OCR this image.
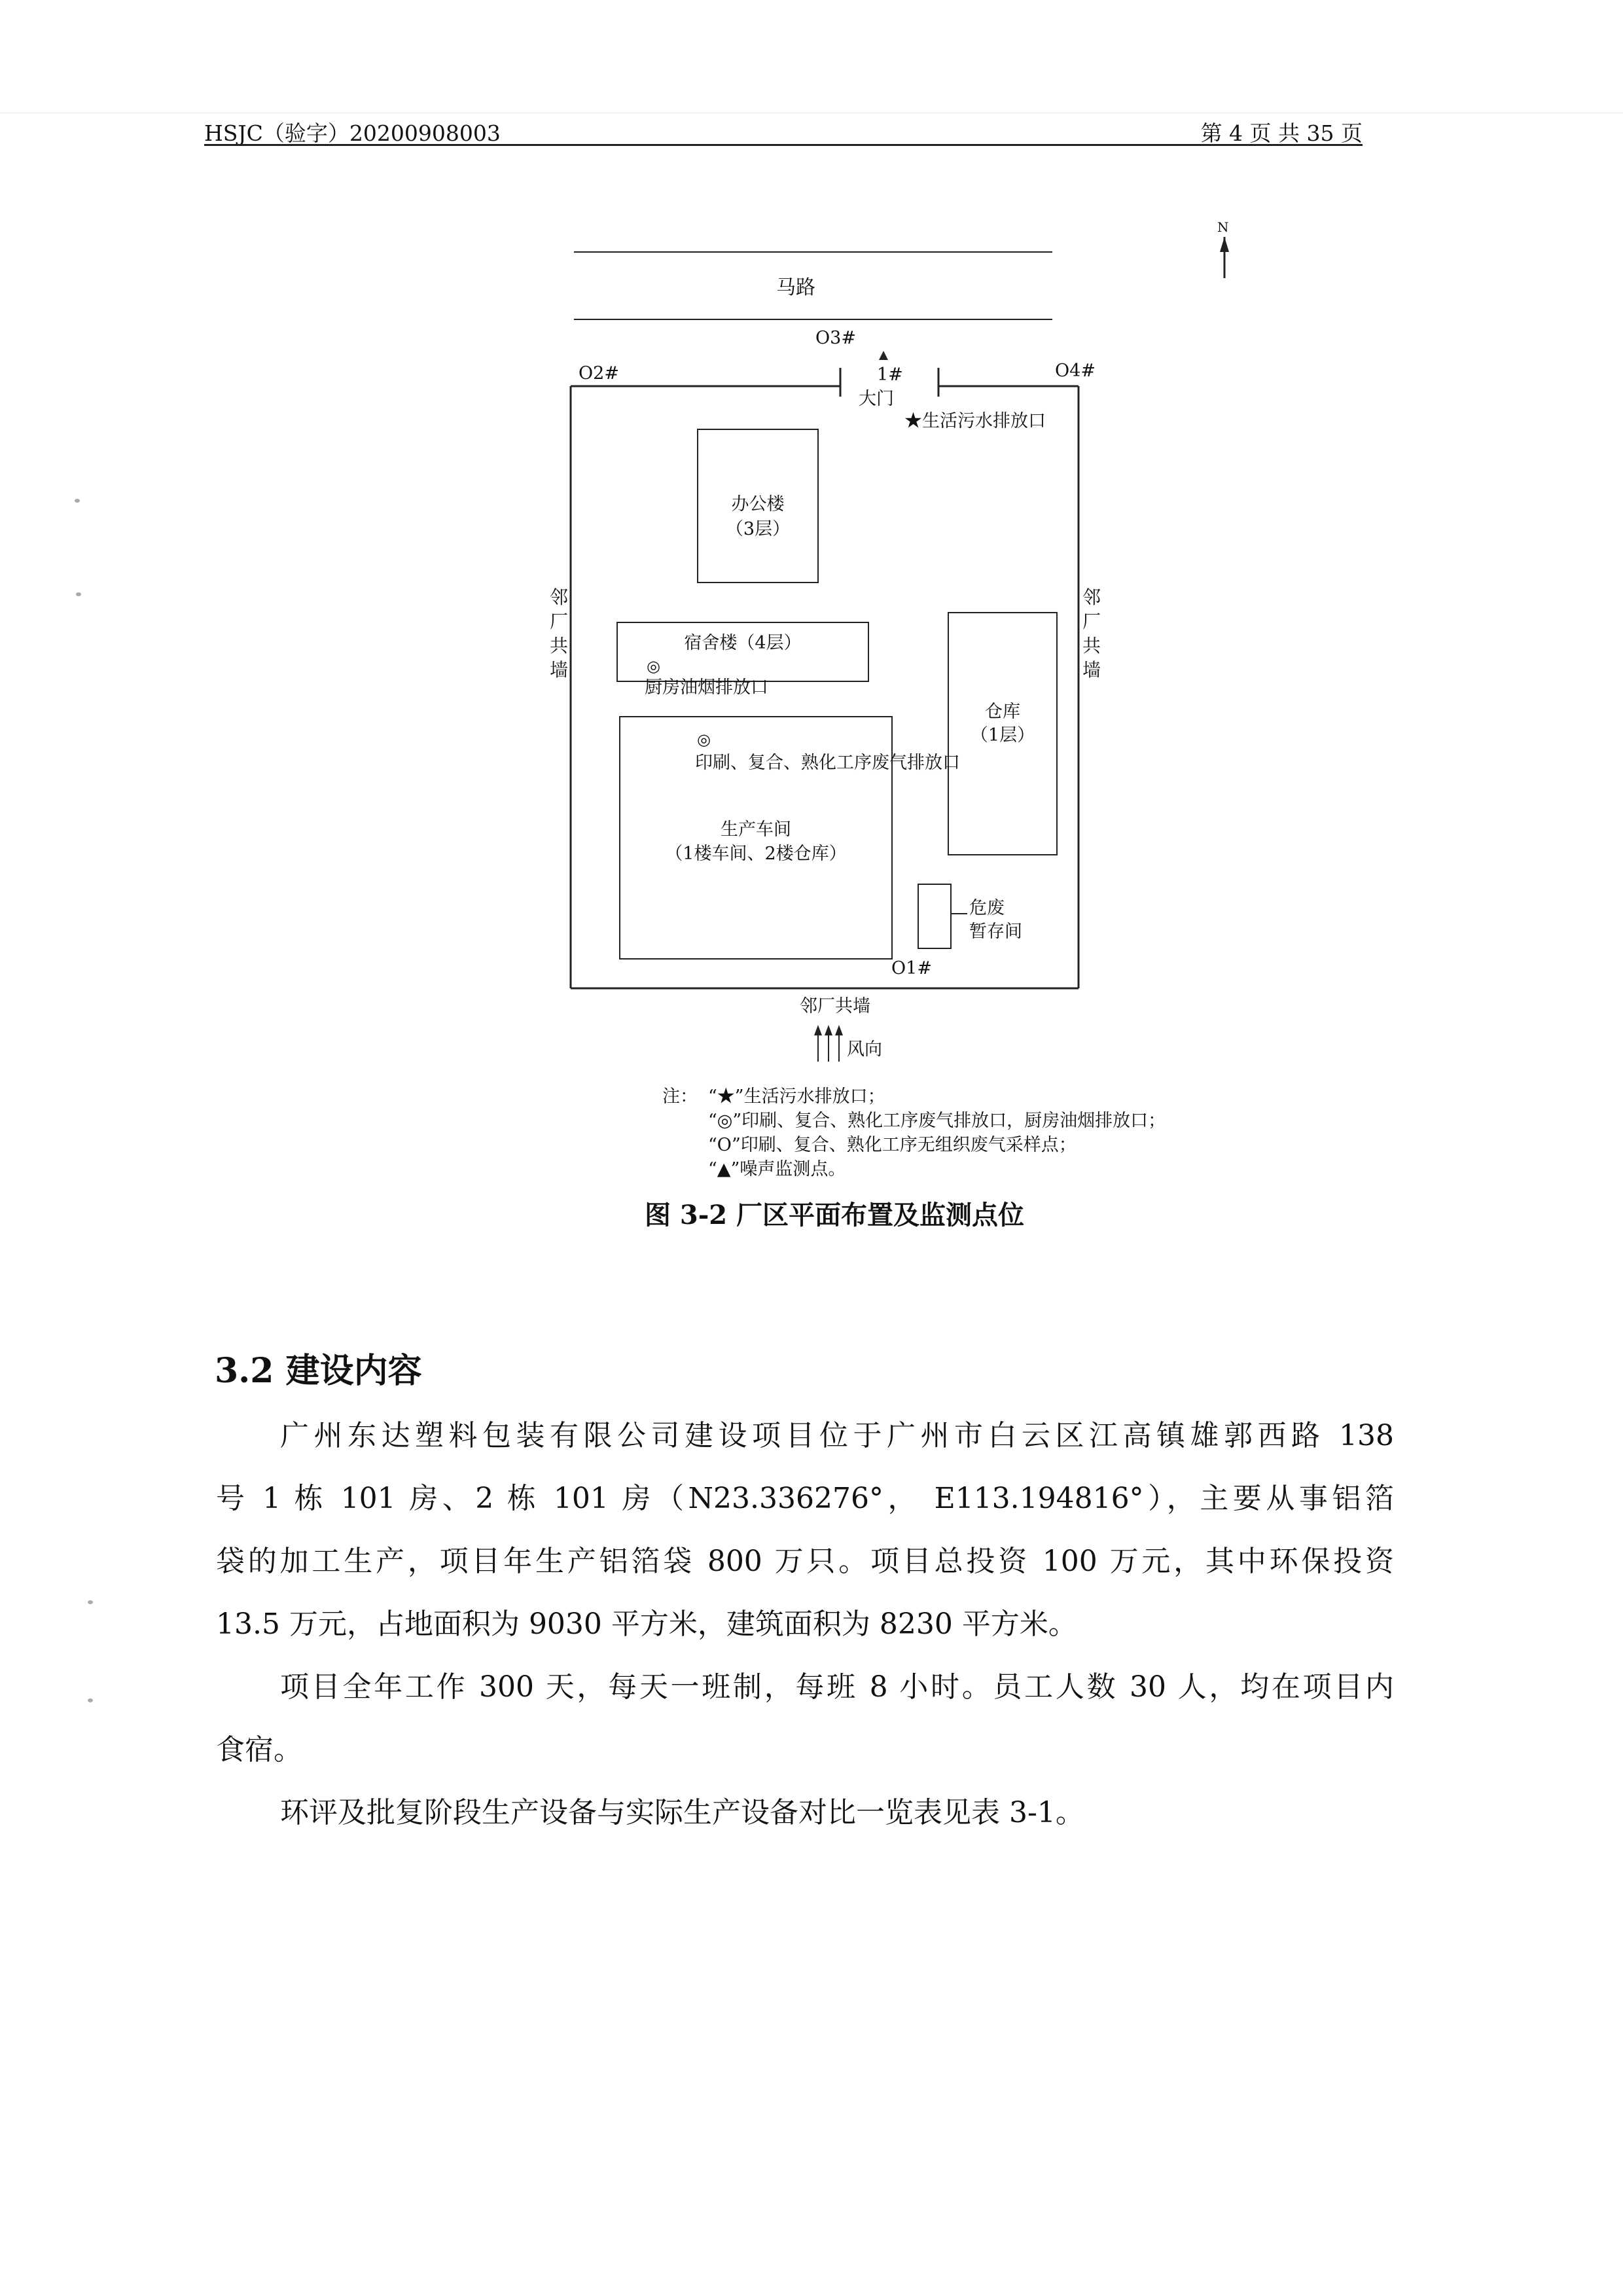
HSJC（验字）20200908003	第 4 页 共 35 页
N
马路
O3#
O2#	O4#
1#
大门
★生活污水排放口
办公楼
（3层）
宿舍楼（4层）
◎
厨房油烟排放口
仓库
（1层）
◎
印刷、复合、熟化工序废气排放口
生产车间
（1楼车间、2楼仓库）
危废
暂存间
O1#
邻
厂
共
墙
邻
厂
共
墙
邻厂共墙
风向
注： “★”生活污水排放口；
“◎”印刷、复合、熟化工序废气排放口，厨房油烟排放口；
“O”印刷、复合、熟化工序无组织废气采样点；
“▲”噪声监测点。
图 3-2 厂区平面布置及监测点位
3.2 建设内容

广州东达塑料包装有限公司建设项目位于广州市白云区江高镇雄郭西路 138

号 1 栋 101 房、2 栋 101 房（N23.336276°， E113.194816°），主要从事铝箔

袋的加工生产，项目年生产铝箔袋 800 万只。项目总投资 100 万元，其中环保投资

13.5 万元，占地面积为 9030 平方米，建筑面积为 8230 平方米。

项目全年工作 300 天，每天一班制，每班 8 小时。员工人数 30 人，均在项目内

食宿。

环评及批复阶段生产设备与实际生产设备对比一览表见表 3-1。
